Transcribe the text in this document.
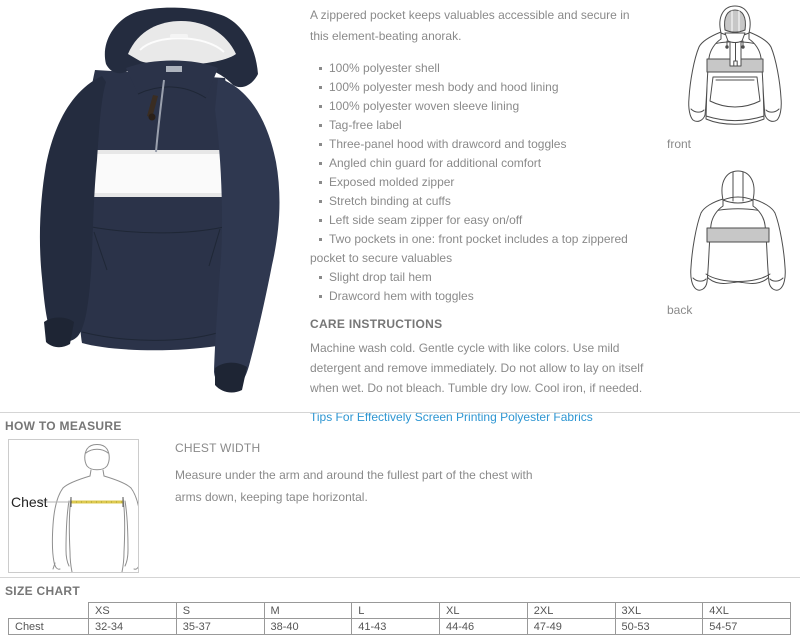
A zippered pocket keeps valuables accessible and secure in this element-beating anorak.
100% polyester shell
100% polyester mesh body and hood lining
100% polyester woven sleeve lining
Tag-free label
Three-panel hood with drawcord and toggles
Angled chin guard for additional comfort
Exposed molded zipper
Stretch binding at cuffs
Left side seam zipper for easy on/off
Two pockets in one: front pocket includes a top zippered pocket to secure valuables
Slight drop tail hem
Drawcord hem with toggles
CARE INSTRUCTIONS
Machine wash cold. Gentle cycle with like colors. Use mild detergent and remove immediately. Do not allow to lay on itself when wet. Do not bleach. Tumble dry low. Cool iron, if needed.
Tips For Effectively Screen Printing Polyester Fabrics
front
back
HOW TO MEASURE
Chest
CHEST WIDTH
Measure under the arm and around the fullest part of the chest with arms down, keeping tape horizontal.
SIZE CHART
	XS	S	M	L	XL	2XL	3XL	4XL
Chest	32-34	35-37	38-40	41-43	44-46	47-49	50-53	54-57
